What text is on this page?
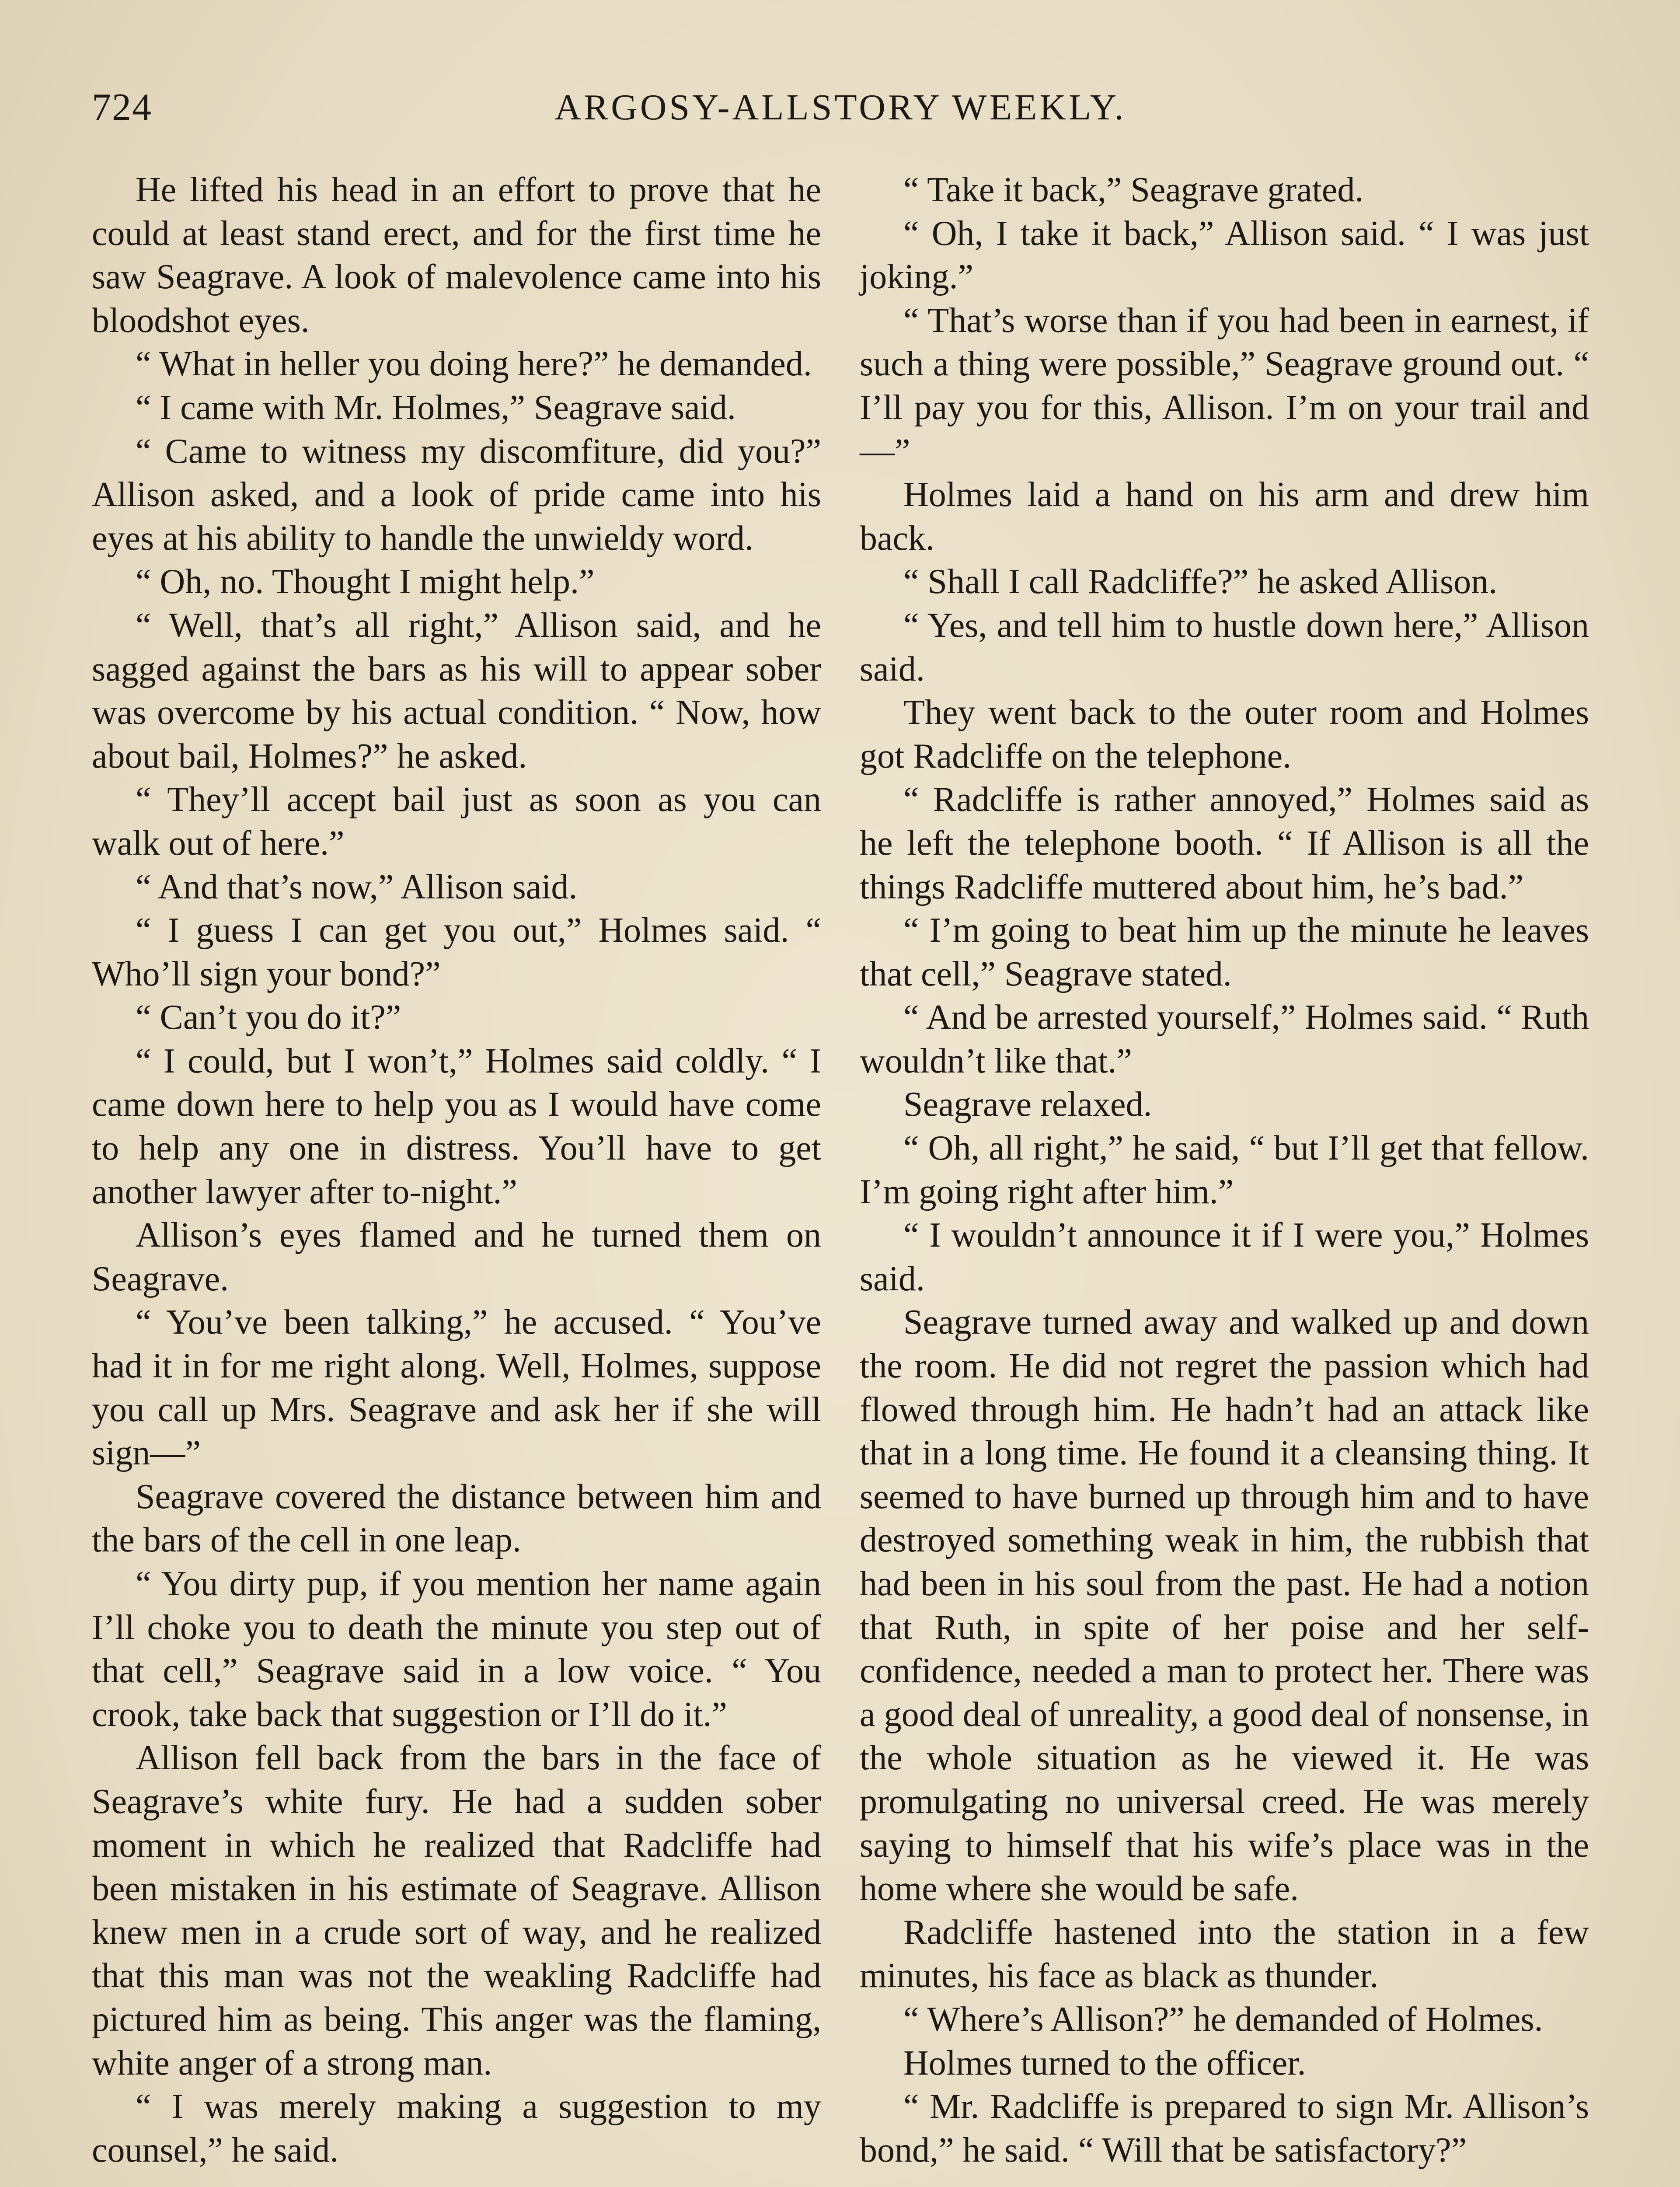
724	ARGOSY-ALLSTORY WEEKLY.

He lifted his head in an effort to prove that he could at least stand erect, and for the first time he saw Seagrave. A look of malevolence came into his bloodshot eyes.

“ What in heller you doing here?” he demanded.

“ I came with Mr. Holmes,” Seagrave said.

“ Came to witness my discomfiture, did you?” Allison asked, and a look of pride came into his eyes at his ability to handle the unwieldy word.

“ Oh, no. Thought I might help.”

“ Well, that’s all right,” Allison said, and he sagged against the bars as his will to appear sober was overcome by his actual condition. “ Now, how about bail, Holmes?” he asked.

“ They’ll accept bail just as soon as you can walk out of here.”

“ And that’s now,” Allison said.

“ I guess I can get you out,” Holmes said. “ Who’ll sign your bond?”

“ Can’t you do it?”

“ I could, but I won’t,” Holmes said coldly. “ I came down here to help you as I would have come to help any one in distress. You’ll have to get another lawyer after to-night.”

Allison’s eyes flamed and he turned them on Seagrave.

“ You’ve been talking,” he accused. “ You’ve had it in for me right along. Well, Holmes, suppose you call up Mrs. Seagrave and ask her if she will sign—”

Seagrave covered the distance between him and the bars of the cell in one leap.

“ You dirty pup, if you mention her name again I’ll choke you to death the minute you step out of that cell,” Seagrave said in a low voice. “ You crook, take back that suggestion or I’ll do it.”

Allison fell back from the bars in the face of Seagrave’s white fury. He had a sudden sober moment in which he realized that Radcliffe had been mistaken in his estimate of Seagrave. Allison knew men in a crude sort of way, and he realized that this man was not the weakling Radcliffe had pictured him as being. This anger was the flaming, white anger of a strong man.

“ I was merely making a suggestion to my counsel,” he said.

“ Take it back,” Seagrave grated.

“ Oh, I take it back,” Allison said. “ I was just joking.”

“ That’s worse than if you had been in earnest, if such a thing were possible,” Seagrave ground out. “ I’ll pay you for this, Allison. I’m on your trail and—”

Holmes laid a hand on his arm and drew him back.

“ Shall I call Radcliffe?” he asked Allison.

“ Yes, and tell him to hustle down here,” Allison said.

They went back to the outer room and Holmes got Radcliffe on the telephone.

“ Radcliffe is rather annoyed,” Holmes said as he left the telephone booth. “ If Allison is all the things Radcliffe muttered about him, he’s bad.”

“ I’m going to beat him up the minute he leaves that cell,” Seagrave stated.

“ And be arrested yourself,” Holmes said. “ Ruth wouldn’t like that.”

Seagrave relaxed.

“ Oh, all right,” he said, “ but I’ll get that fellow. I’m going right after him.”

“ I wouldn’t announce it if I were you,” Holmes said.

Seagrave turned away and walked up and down the room. He did not regret the passion which had flowed through him. He hadn’t had an attack like that in a long time. He found it a cleansing thing. It seemed to have burned up through him and to have destroyed something weak in him, the rubbish that had been in his soul from the past. He had a notion that Ruth, in spite of her poise and her self-confidence, needed a man to protect her. There was a good deal of unreality, a good deal of nonsense, in the whole situation as he viewed it. He was promulgating no universal creed. He was merely saying to himself that his wife’s place was in the home where she would be safe.

Radcliffe hastened into the station in a few minutes, his face as black as thunder.

“ Where’s Allison?” he demanded of Holmes.

Holmes turned to the officer.

“ Mr. Radcliffe is prepared to sign Mr. Allison’s bond,” he said. “ Will that be satisfactory?”
